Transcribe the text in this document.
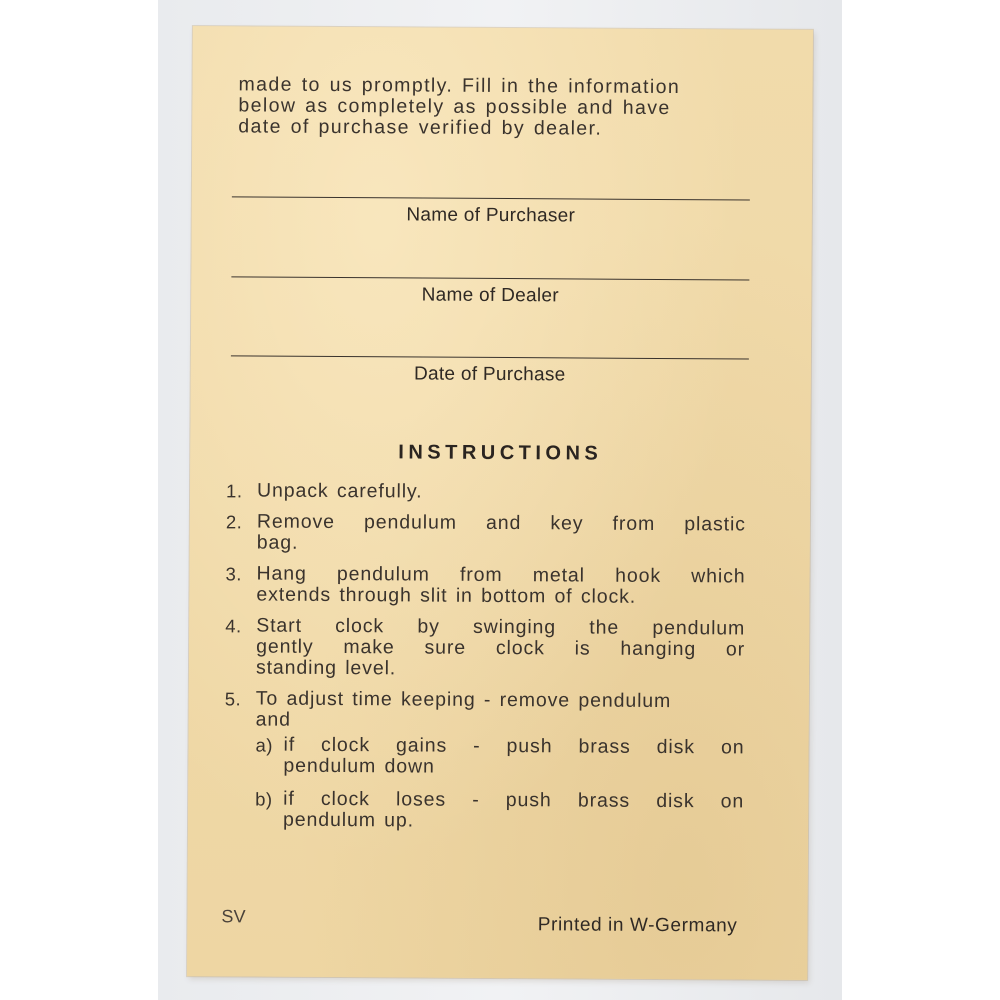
made to us promptly. Fill in the information
below as completely as possible and have
date of purchase verified by dealer.
Name of Purchaser
Name of Dealer
Date of Purchase
INSTRUCTIONS
1. Unpack carefully.
2. Remove pendulum and key from plastic
bag.
3. Hang pendulum from metal hook which
extends through slit in bottom of clock.
4. Start clock by swinging the pendulum
gently make sure clock is hanging or
standing level.
5. To adjust time keeping - remove pendulum
and
a) if clock gains - push brass disk on
pendulum down
b) if clock loses - push brass disk on
pendulum up.
SV	Printed in W-Germany
